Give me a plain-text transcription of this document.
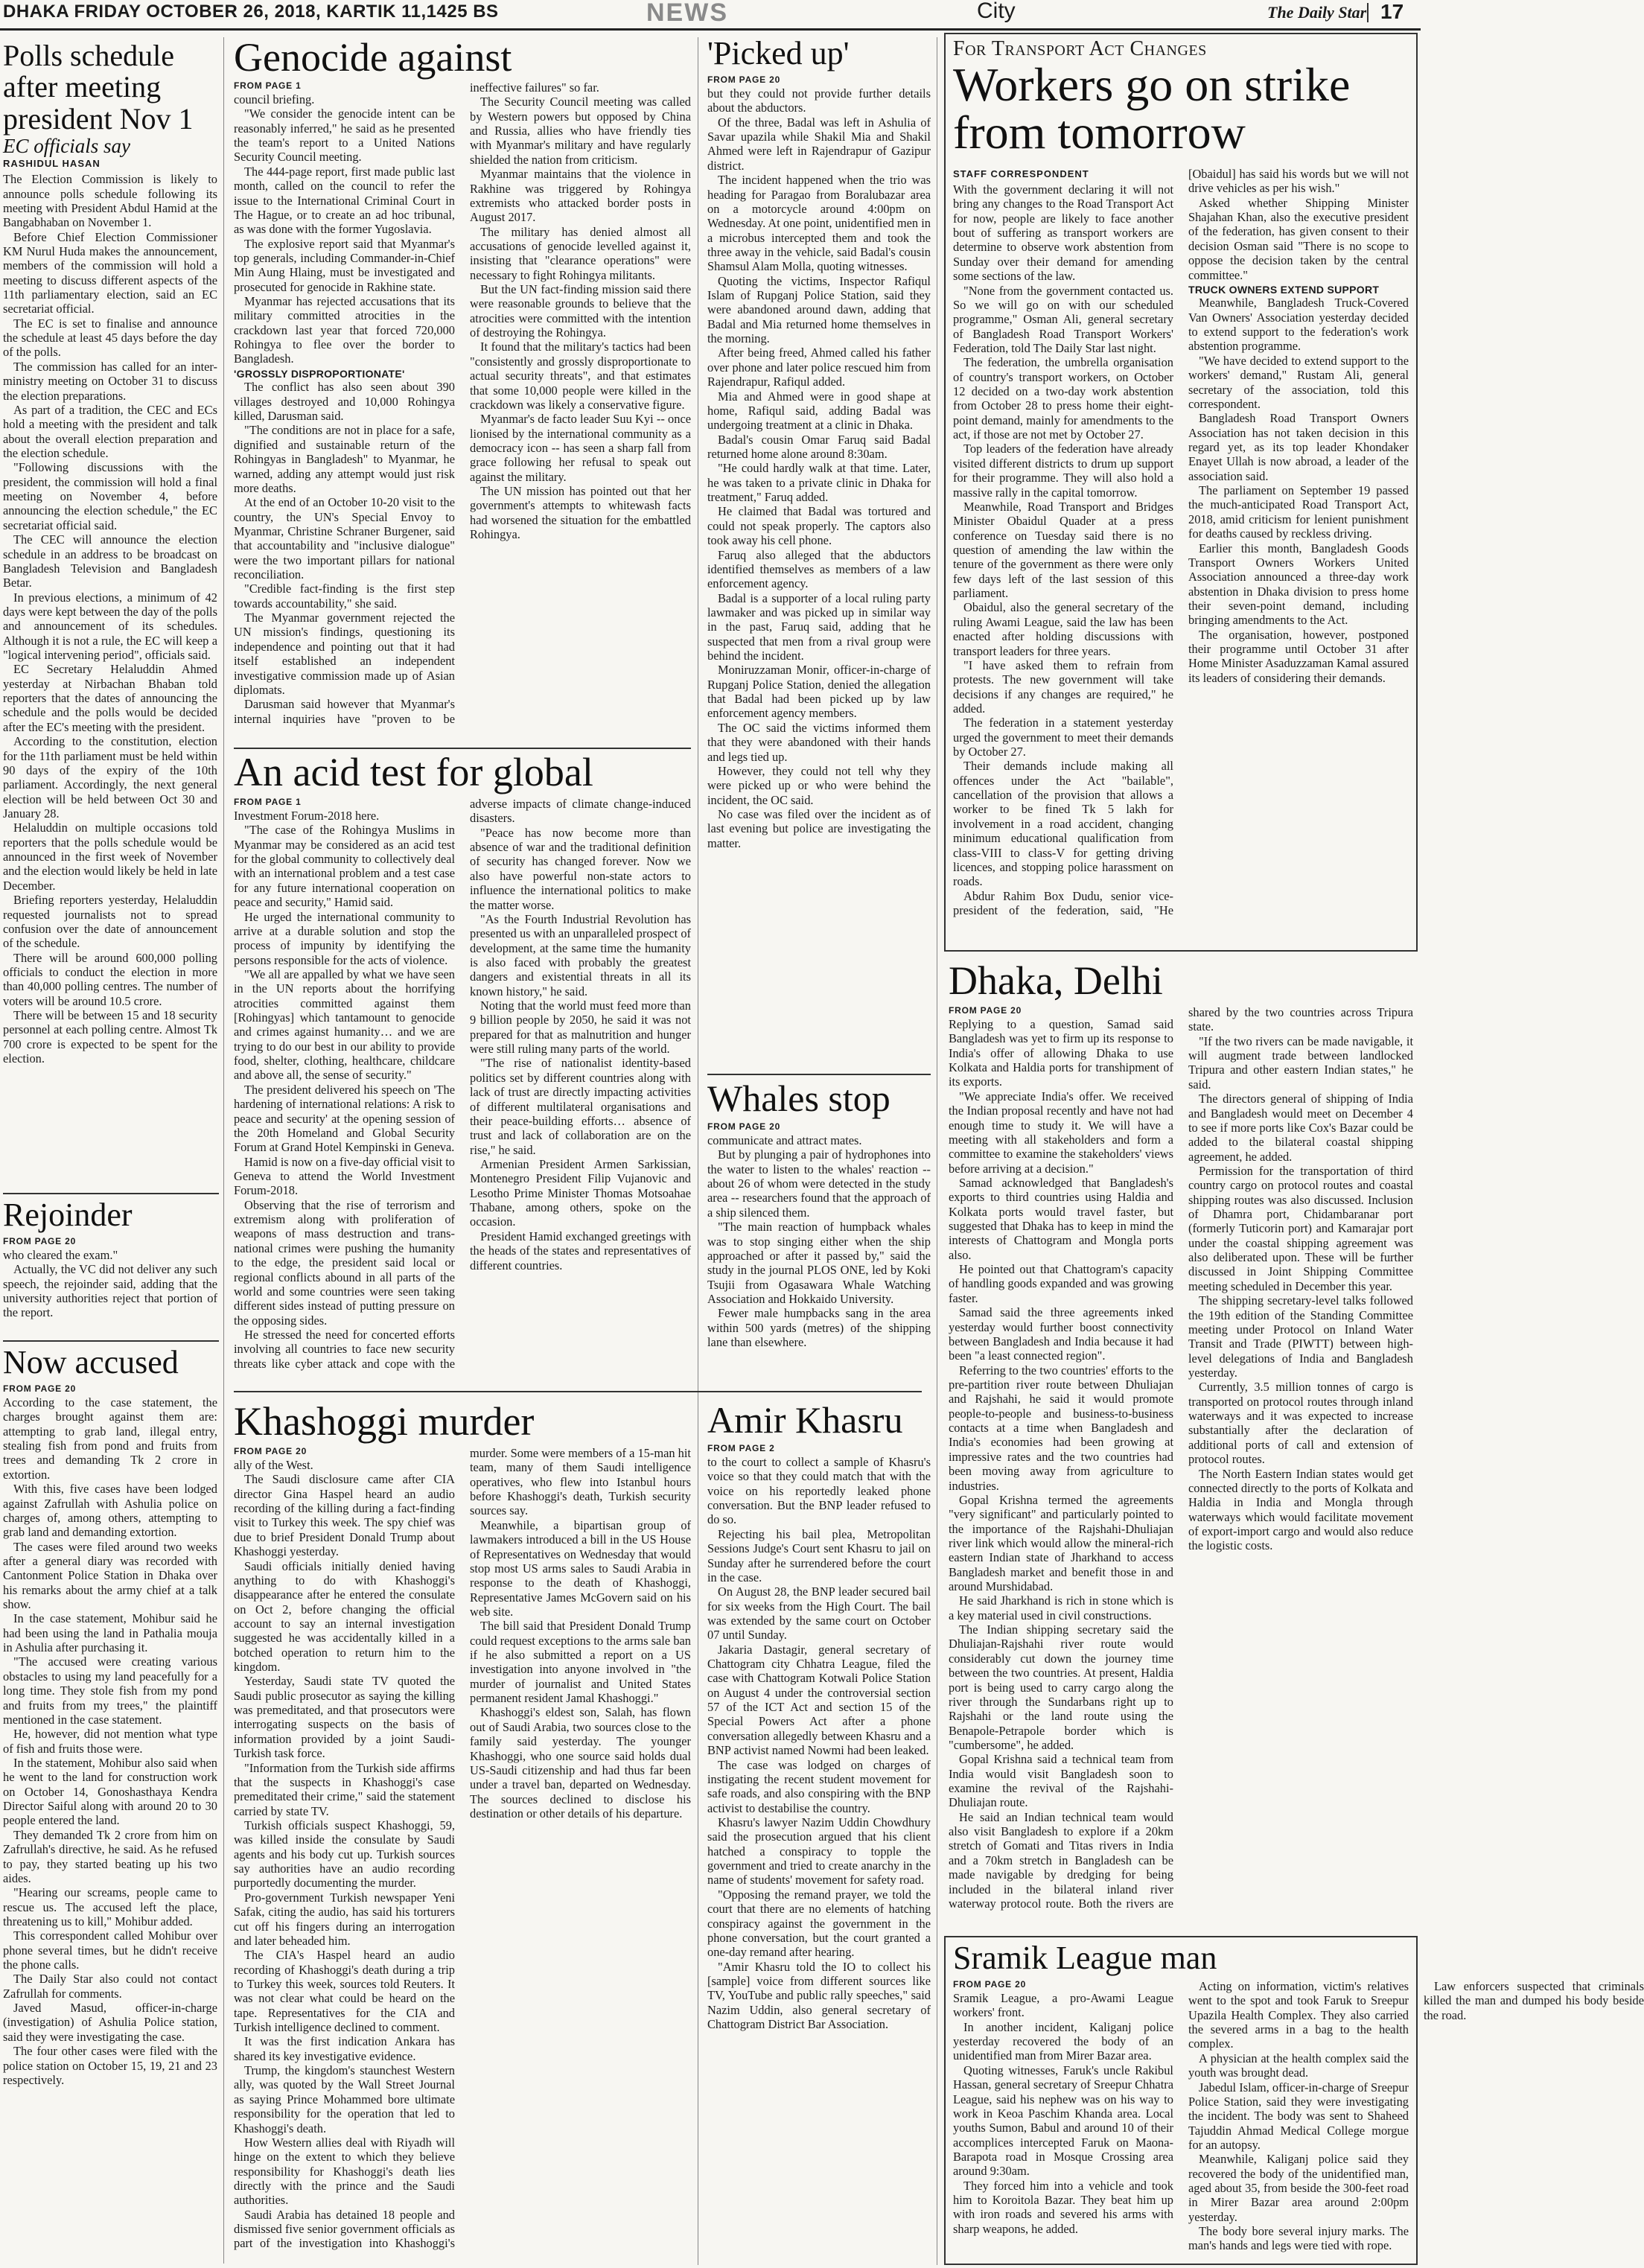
DHAKA FRIDAY OCTOBER 26, 2018, KARTIK 11,1425 BS	NEWS	City	The Daily Star 17
Polls schedule after meeting president Nov 1
EC officials say
RASHIDUL HASAN

The Election Commission is likely to announce polls schedule following its meeting with President Abdul Hamid at the Bangabhaban on November 1.

Before Chief Election Commissioner KM Nurul Huda makes the announcement, members of the commission will hold a meeting to discuss different aspects of the 11th parliamentary election, said an EC secretariat official.

The EC is set to finalise and announce the schedule at least 45 days before the day of the polls.

The commission has called for an inter-ministry meeting on October 31 to discuss the election preparations.

As part of a tradition, the CEC and ECs hold a meeting with the president and talk about the overall election preparation and the election schedule.

"Following discussions with the president, the commission will hold a final meeting on November 4, before announcing the election schedule," the EC secretariat official said.

The CEC will announce the election schedule in an address to be broadcast on Bangladesh Television and Bangladesh Betar.

In previous elections, a minimum of 42 days were kept between the day of the polls and announcement of its schedules. Although it is not a rule, the EC will keep a "logical intervening period", officials said.

EC Secretary Helaluddin Ahmed yesterday at Nirbachan Bhaban told reporters that the dates of announcing the schedule and the polls would be decided after the EC's meeting with the president.

According to the constitution, election for the 11th parliament must be held within 90 days of the expiry of the 10th parliament. Accordingly, the next general election will be held between Oct 30 and January 28.

Helaluddin on multiple occasions told reporters that the polls schedule would be announced in the first week of November and the election would likely be held in late December.

Briefing reporters yesterday, Helaluddin requested journalists not to spread confusion over the date of announcement of the schedule.

There will be around 600,000 polling officials to conduct the election in more than 40,000 polling centres. The number of voters will be around 10.5 crore.

There will be between 15 and 18 security personnel at each polling centre. Almost Tk 700 crore is expected to be spent for the election.

Rejoinder
FROM PAGE 20

who cleared the exam."

Actually, the VC did not deliver any such speech, the rejoinder said, adding that the university authorities reject that portion of the report.

Now accused
FROM PAGE 20

According to the case statement, the charges brought against them are: attempting to grab land, illegal entry, stealing fish from pond and fruits from trees and demanding Tk 2 crore in extortion.

With this, five cases have been lodged against Zafrullah with Ashulia police on charges of, among others, attempting to grab land and demanding extortion.

The cases were filed around two weeks after a general diary was recorded with Cantonment Police Station in Dhaka over his remarks about the army chief at a talk show.

In the case statement, Mohibur said he had been using the land in Pathalia mouja in Ashulia after purchasing it.

"The accused were creating various obstacles to using my land peacefully for a long time. They stole fish from my pond and fruits from my trees," the plaintiff mentioned in the case statement.

He, however, did not mention what type of fish and fruits those were.

In the statement, Mohibur also said when he went to the land for construction work on October 14, Gonoshasthaya Kendra Director Saiful along with around 20 to 30 people entered the land.

They demanded Tk 2 crore from him on Zafrullah's directive, he said. As he refused to pay, they started beating up his two aides.

"Hearing our screams, people came to rescue us. The accused left the place, threatening us to kill," Mohibur added.

This correspondent called Mohibur over phone several times, but he didn't receive the phone calls.

The Daily Star also could not contact Zafrullah for comments.

Javed Masud, officer-in-charge (investigation) of Ashulia Police station, said they were investigating the case.

The four other cases were filed with the police station on October 15, 19, 21 and 23 respectively.

Genocide against
FROM PAGE 1

council briefing.

"We consider the genocide intent can be reasonably inferred," he said as he presented the team's report to a United Nations Security Council meeting.

The 444-page report, first made public last month, called on the council to refer the issue to the International Criminal Court in The Hague, or to create an ad hoc tribunal, as was done with the former Yugoslavia.

The explosive report said that Myanmar's top generals, including Commander-in-Chief Min Aung Hlaing, must be investigated and prosecuted for genocide in Rakhine state.

Myanmar has rejected accusations that its military committed atrocities in the crackdown last year that forced 720,000 Rohingya to flee over the border to Bangladesh.

'GROSSLY DISPROPORTIONATE'

The conflict has also seen about 390 villages destroyed and 10,000 Rohingya killed, Darusman said.

"The conditions are not in place for a safe, dignified and sustainable return of the Rohingyas in Bangladesh" to Myanmar, he warned, adding any attempt would just risk more deaths.

At the end of an October 10-20 visit to the country, the UN's Special Envoy to Myanmar, Christine Schraner Burgener, said that accountability and "inclusive dialogue" were the two important pillars for national reconciliation.

"Credible fact-finding is the first step towards accountability," she said.

The Myanmar government rejected the UN mission's findings, questioning its independence and pointing out that it had itself established an independent investigative commission made up of Asian diplomats.

Darusman said however that Myanmar's internal inquiries have "proven to be ineffective failures" so far.

The Security Council meeting was called by Western powers but opposed by China and Russia, allies who have friendly ties with Myanmar's military and have regularly shielded the nation from criticism.

Myanmar maintains that the violence in Rakhine was triggered by Rohingya extremists who attacked border posts in August 2017.

The military has denied almost all accusations of genocide levelled against it, insisting that "clearance operations" were necessary to fight Rohingya militants.

But the UN fact-finding mission said there were reasonable grounds to believe that the atrocities were committed with the intention of destroying the Rohingya.

It found that the military's tactics had been "consistently and grossly disproportionate to actual security threats", and that estimates that some 10,000 people were killed in the crackdown was likely a conservative figure.

Myanmar's de facto leader Suu Kyi -- once lionised by the international community as a democracy icon -- has seen a sharp fall from grace following her refusal to speak out against the military.

The UN mission has pointed out that her government's attempts to whitewash facts had worsened the situation for the embattled Rohingya.

An acid test for global
FROM PAGE 1

Investment Forum-2018 here.

"The case of the Rohingya Muslims in Myanmar may be considered as an acid test for the global community to collectively deal with an international problem and a test case for any future international cooperation on peace and security," Hamid said.

He urged the international community to arrive at a durable solution and stop the process of impunity by identifying the persons responsible for the acts of violence.

"We all are appalled by what we have seen in the UN reports about the horrifying atrocities committed against them [Rohingyas] which tantamount to genocide and crimes against humanity… and we are trying to do our best in our ability to provide food, shelter, clothing, healthcare, childcare and above all, the sense of security."

The president delivered his speech on 'The hardening of international relations: A risk to peace and security' at the opening session of the 20th Homeland and Global Security Forum at Grand Hotel Kempinski in Geneva.

Hamid is now on a five-day official visit to Geneva to attend the World Investment Forum-2018.

Observing that the rise of terrorism and extremism along with proliferation of weapons of mass destruction and trans-national crimes were pushing the humanity to the edge, the president said local or regional conflicts abound in all parts of the world and some countries were seen taking different sides instead of putting pressure on the opposing sides.

He stressed the need for concerted efforts involving all countries to face new security threats like cyber attack and cope with the adverse impacts of climate change-induced disasters.

"Peace has now become more than absence of war and the traditional definition of security has changed forever. Now we also have powerful non-state actors to influence the international politics to make the matter worse.

"As the Fourth Industrial Revolution has presented us with an unparalleled prospect of development, at the same time the humanity is also faced with probably the greatest dangers and existential threats in all its known history," he said.

Noting that the world must feed more than 9 billion people by 2050, he said it was not prepared for that as malnutrition and hunger were still ruling many parts of the world.

"The rise of nationalist identity-based politics set by different countries along with lack of trust are directly impacting activities of different multilateral organisations and their peace-building efforts… absence of trust and lack of collaboration are on the rise," he said.

Armenian President Armen Sarkissian, Montenegro President Filip Vujanovic and Lesotho Prime Minister Thomas Motsoahae Thabane, among others, spoke on the occasion.

President Hamid exchanged greetings with the heads of the states and representatives of different countries.

'Picked up'
FROM PAGE 20

but they could not provide further details about the abductors.

Of the three, Badal was left in Ashulia of Savar upazila while Shakil Mia and Shakil Ahmed were left in Rajendrapur of Gazipur district.

The incident happened when the trio was heading for Paragao from Boralubazar area on a motorcycle around 4:00pm on Wednesday. At one point, unidentified men in a microbus intercepted them and took the three away in the vehicle, said Badal's cousin Shamsul Alam Molla, quoting witnesses.

Quoting the victims, Inspector Rafiqul Islam of Rupganj Police Station, said they were abandoned around dawn, adding that Badal and Mia returned home themselves in the morning.

After being freed, Ahmed called his father over phone and later police rescued him from Rajendrapur, Rafiqul added.

Mia and Ahmed were in good shape at home, Rafiqul said, adding Badal was undergoing treatment at a clinic in Dhaka.

Badal's cousin Omar Faruq said Badal returned home alone around 8:30am.

"He could hardly walk at that time. Later, he was taken to a private clinic in Dhaka for treatment," Faruq added.

He claimed that Badal was tortured and could not speak properly. The captors also took away his cell phone.

Faruq also alleged that the abductors identified themselves as members of a law enforcement agency.

Badal is a supporter of a local ruling party lawmaker and was picked up in similar way in the past, Faruq said, adding that he suspected that men from a rival group were behind the incident.

Moniruzzaman Monir, officer-in-charge of Rupganj Police Station, denied the allegation that Badal had been picked up by law enforcement agency members.

The OC said the victims informed them that they were abandoned with their hands and legs tied up.

However, they could not tell why they were picked up or who were behind the incident, the OC said.

No case was filed over the incident as of last evening but police are investigating the matter.

Whales stop
FROM PAGE 20

communicate and attract mates.

But by plunging a pair of hydrophones into the water to listen to the whales' reaction -- about 26 of whom were detected in the study area -- researchers found that the approach of a ship silenced them.

"The main reaction of humpback whales was to stop singing either when the ship approached or after it passed by," said the study in the journal PLOS ONE, led by Koki Tsujii from Ogasawara Whale Watching Association and Hokkaido University.

Fewer male humpbacks sang in the area within 500 yards (metres) of the shipping lane than elsewhere.

Khashoggi murder
FROM PAGE 20

ally of the West.

The Saudi disclosure came after CIA director Gina Haspel heard an audio recording of the killing during a fact-finding visit to Turkey this week. The spy chief was due to brief President Donald Trump about Khashoggi yesterday.

Saudi officials initially denied having anything to do with Khashoggi's disappearance after he entered the consulate on Oct 2, before changing the official account to say an internal investigation suggested he was accidentally killed in a botched operation to return him to the kingdom.

Yesterday, Saudi state TV quoted the Saudi public prosecutor as saying the killing was premeditated, and that prosecutors were interrogating suspects on the basis of information provided by a joint Saudi-Turkish task force.

"Information from the Turkish side affirms that the suspects in Khashoggi's case premeditated their crime," said the statement carried by state TV.

Turkish officials suspect Khashoggi, 59, was killed inside the consulate by Saudi agents and his body cut up. Turkish sources say authorities have an audio recording purportedly documenting the murder.

Pro-government Turkish newspaper Yeni Safak, citing the audio, has said his torturers cut off his fingers during an interrogation and later beheaded him.

The CIA's Haspel heard an audio recording of Khashoggi's death during a trip to Turkey this week, sources told Reuters. It was not clear what could be heard on the tape. Representatives for the CIA and Turkish intelligence declined to comment.

It was the first indication Ankara has shared its key investigative evidence.

Trump, the kingdom's staunchest Western ally, was quoted by the Wall Street Journal as saying Prince Mohammed bore ultimate responsibility for the operation that led to Khashoggi's death.

How Western allies deal with Riyadh will hinge on the extent to which they believe responsibility for Khashoggi's death lies directly with the prince and the Saudi authorities.

Saudi Arabia has detained 18 people and dismissed five senior government officials as part of the investigation into Khashoggi's murder. Some were members of a 15-man hit team, many of them Saudi intelligence operatives, who flew into Istanbul hours before Khashoggi's death, Turkish security sources say.

Meanwhile, a bipartisan group of lawmakers introduced a bill in the US House of Representatives on Wednesday that would stop most US arms sales to Saudi Arabia in response to the death of Khashoggi, Representative James McGovern said on his web site.

The bill said that President Donald Trump could request exceptions to the arms sale ban if he also submitted a report on a US investigation into anyone involved in "the murder of journalist and United States permanent resident Jamal Khashoggi."

Khashoggi's eldest son, Salah, has flown out of Saudi Arabia, two sources close to the family said yesterday. The younger Khashoggi, who one source said holds dual US-Saudi citizenship and had thus far been under a travel ban, departed on Wednesday. The sources declined to disclose his destination or other details of his departure.

Amir Khasru
FROM PAGE 2

to the court to collect a sample of Khasru's voice so that they could match that with the voice on his reportedly leaked phone conversation. But the BNP leader refused to do so.

Rejecting his bail plea, Metropolitan Sessions Judge's Court sent Khasru to jail on Sunday after he surrendered before the court in the case.

On August 28, the BNP leader secured bail for six weeks from the High Court. The bail was extended by the same court on October 07 until Sunday.

Jakaria Dastagir, general secretary of Chattogram city Chhatra League, filed the case with Chattogram Kotwali Police Station on August 4 under the controversial section 57 of the ICT Act and section 15 of the Special Powers Act after a phone conversation allegedly between Khasru and a BNP activist named Nowmi had been leaked.

The case was lodged on charges of instigating the recent student movement for safe roads, and also conspiring with the BNP activist to destabilise the country.

Khasru's lawyer Nazim Uddin Chowdhury said the prosecution argued that his client hatched a conspiracy to topple the government and tried to create anarchy in the name of students' movement for safety road.

"Opposing the remand prayer, we told the court that there are no elements of hatching conspiracy against the government in the phone conversation, but the court granted a one-day remand after hearing.

"Amir Khasru told the IO to collect his [sample] voice from different sources like TV, YouTube and public rally speeches," said Nazim Uddin, also general secretary of Chattogram District Bar Association.

For Transport Act Changes
Workers go on strike from tomorrow
STAFF CORRESPONDENT

With the government declaring it will not bring any changes to the Road Transport Act for now, people are likely to face another bout of suffering as transport workers are determine to observe work abstention from Sunday over their demand for amending some sections of the law.

"None from the government contacted us. So we will go on with our scheduled programme," Osman Ali, general secretary of Bangladesh Road Transport Workers' Federation, told The Daily Star last night.

The federation, the umbrella organisation of country's transport workers, on October 12 decided on a two-day work abstention from October 28 to press home their eight-point demand, mainly for amendments to the act, if those are not met by October 27.

Top leaders of the federation have already visited different districts to drum up support for their programme. They will also hold a massive rally in the capital tomorrow.

Meanwhile, Road Transport and Bridges Minister Obaidul Quader at a press conference on Tuesday said there is no question of amending the law within the tenure of the government as there were only few days left of the last session of this parliament.

Obaidul, also the general secretary of the ruling Awami League, said the law has been enacted after holding discussions with transport leaders for three years.

"I have asked them to refrain from protests. The new government will take decisions if any changes are required," he added.

The federation in a statement yesterday urged the government to meet their demands by October 27.

Their demands include making all offences under the Act "bailable", cancellation of the provision that allows a worker to be fined Tk 5 lakh for involvement in a road accident, changing minimum educational qualification from class-VIII to class-V for getting driving licences, and stopping police harassment on roads.

Abdur Rahim Box Dudu, senior vice-president of the federation, said, "He [Obaidul] has said his words but we will not drive vehicles as per his wish."

Asked whether Shipping Minister Shajahan Khan, also the executive president of the federation, has given consent to their decision Osman said "There is no scope to oppose the decision taken by the central committee."

TRUCK OWNERS EXTEND SUPPORT

Meanwhile, Bangladesh Truck-Covered Van Owners' Association yesterday decided to extend support to the federation's work abstention programme.

"We have decided to extend support to the workers' demand," Rustam Ali, general secretary of the association, told this correspondent.

Bangladesh Road Transport Owners Association has not taken decision in this regard yet, as its top leader Khondaker Enayet Ullah is now abroad, a leader of the association said.

The parliament on September 19 passed the much-anticipated Road Transport Act, 2018, amid criticism for lenient punishment for deaths caused by reckless driving.

Earlier this month, Bangladesh Goods Transport Owners Workers United Association announced a three-day work abstention in Dhaka division to press home their seven-point demand, including bringing amendments to the Act.

The organisation, however, postponed their programme until October 31 after Home Minister Asaduzzaman Kamal assured its leaders of considering their demands.

Dhaka, Delhi
FROM PAGE 20

Replying to a question, Samad said Bangladesh was yet to firm up its response to India's offer of allowing Dhaka to use Kolkata and Haldia ports for transhipment of its exports.

"We appreciate India's offer. We received the Indian proposal recently and have not had enough time to study it. We will have a meeting with all stakeholders and form a committee to examine the stakeholders' views before arriving at a decision."

Samad acknowledged that Bangladesh's exports to third countries using Haldia and Kolkata ports would travel faster, but suggested that Dhaka has to keep in mind the interests of Chattogram and Mongla ports also.

He pointed out that Chattogram's capacity of handling goods expanded and was growing faster.

Samad said the three agreements inked yesterday would further boost connectivity between Bangladesh and India because it had been "a least connected region".

Referring to the two countries' efforts to the pre-partition river route between Dhuliajan and Rajshahi, he said it would promote people-to-people and business-to-business contacts at a time when Bangladesh and India's economies had been growing at impressive rates and the two countries had been moving away from agriculture to industries.

Gopal Krishna termed the agreements "very significant" and particularly pointed to the importance of the Rajshahi-Dhuliajan river link which would allow the mineral-rich eastern Indian state of Jharkhand to access Bangladesh market and benefit those in and around Murshidabad.

He said Jharkhand is rich in stone which is a key material used in civil constructions.

The Indian shipping secretary said the Dhuliajan-Rajshahi river route would considerably cut down the journey time between the two countries. At present, Haldia port is being used to carry cargo along the river through the Sundarbans right up to Rajshahi or the land route using the Benapole-Petrapole border which is "cumbersome", he added.

Gopal Krishna said a technical team from India would visit Bangladesh soon to examine the revival of the Rajshahi-Dhuliajan route.

He said an Indian technical team would also visit Bangladesh to explore if a 20km stretch of Gomati and Titas rivers in India and a 70km stretch in Bangladesh can be made navigable by dredging for being included in the bilateral inland river waterway protocol route. Both the rivers are shared by the two countries across Tripura state.

"If the two rivers can be made navigable, it will augment trade between landlocked Tripura and other eastern Indian states," he said.

The directors general of shipping of India and Bangladesh would meet on December 4 to see if more ports like Cox's Bazar could be added to the bilateral coastal shipping agreement, he added.

Permission for the transportation of third country cargo on protocol routes and coastal shipping routes was also discussed. Inclusion of Dhamra port, Chidambaranar port (formerly Tuticorin port) and Kamarajar port under the coastal shipping agreement was also deliberated upon. These will be further discussed in Joint Shipping Committee meeting scheduled in December this year.

The shipping secretary-level talks followed the 19th edition of the Standing Committee meeting under Protocol on Inland Water Transit and Trade (PIWTT) between high-level delegations of India and Bangladesh yesterday.

Currently, 3.5 million tonnes of cargo is transported on protocol routes through inland waterways and it was expected to increase substantially after the declaration of additional ports of call and extension of protocol routes.

The North Eastern Indian states would get connected directly to the ports of Kolkata and Haldia in India and Mongla through waterways which would facilitate movement of export-import cargo and would also reduce the logistic costs.

Sramik League man
FROM PAGE 20

Sramik League, a pro-Awami League workers' front.

In another incident, Kaliganj police yesterday recovered the body of an unidentified man from Mirer Bazar area.

Quoting witnesses, Faruk's uncle Rakibul Hassan, general secretary of Sreepur Chhatra League, said his nephew was on his way to work in Keoa Paschim Khanda area. Local youths Sumon, Babul and around 10 of their accomplices intercepted Faruk on Maona-Barapota road in Mosque Crossing area around 9:30am.

They forced him into a vehicle and took him to Koroitola Bazar. They beat him up with iron roads and severed his arms with sharp weapons, he added.

Acting on information, victim's relatives went to the spot and took Faruk to Sreepur Upazila Health Complex. They also carried the severed arms in a bag to the health complex.

A physician at the health complex said the youth was brought dead.

Jabedul Islam, officer-in-charge of Sreepur Police Station, said they were investigating the incident. The body was sent to Shaheed Tajuddin Ahmad Medical College morgue for an autopsy.

Meanwhile, Kaliganj police said they recovered the body of the unidentified man, aged about 35, from beside the 300-feet road in Mirer Bazar area around 2:00pm yesterday.

The body bore several injury marks. The man's hands and legs were tied with rope.

Law enforcers suspected that criminals killed the man and dumped his body beside the road.
